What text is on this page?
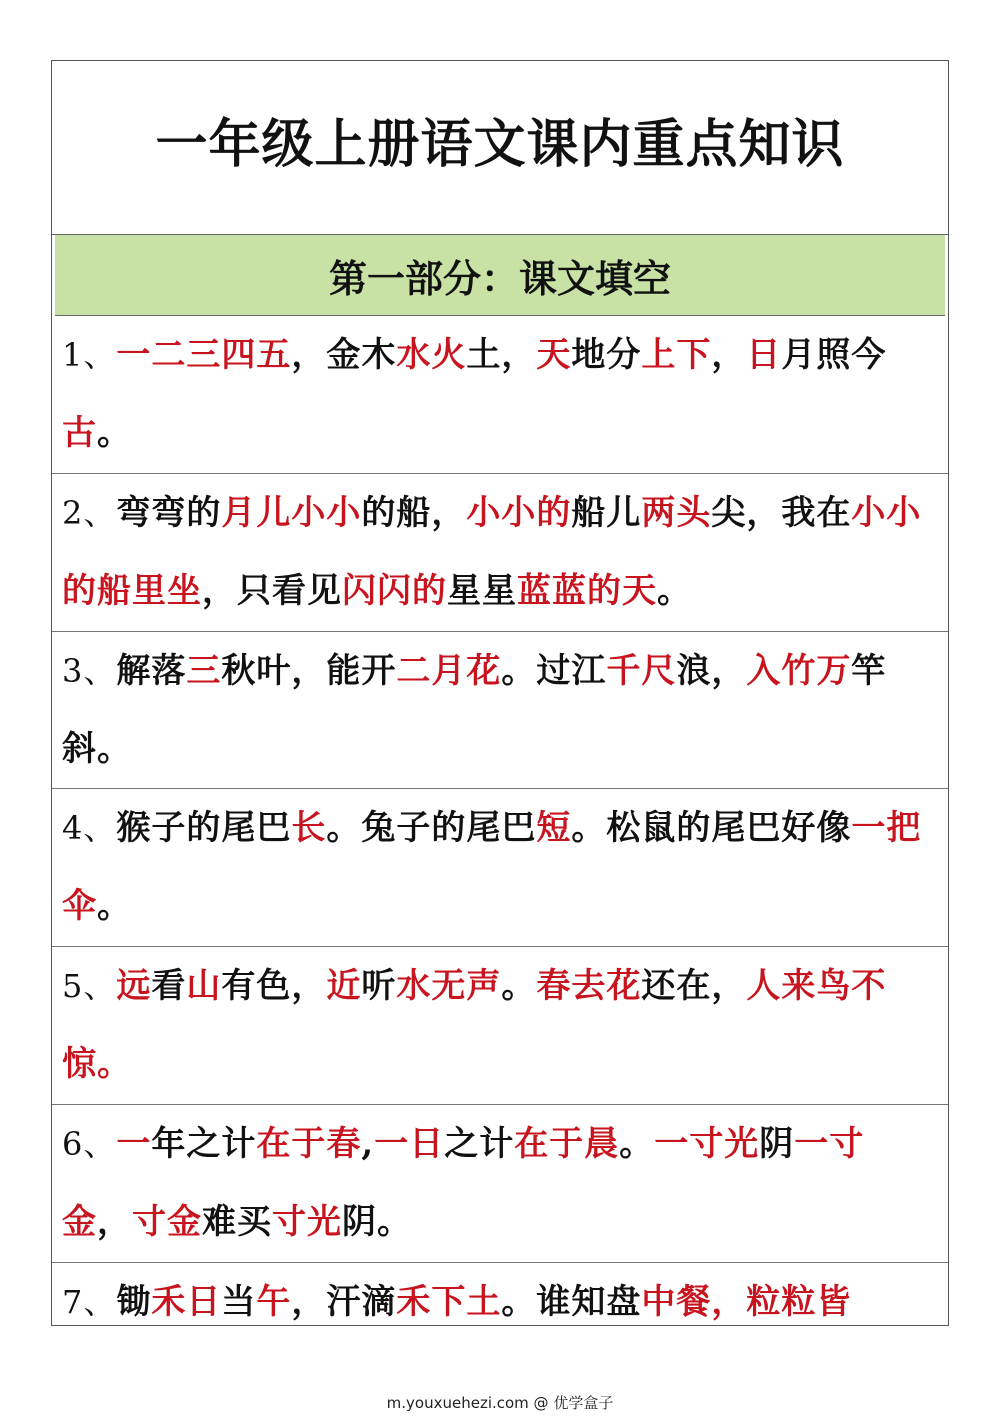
一年级上册语文课内重点知识
第一部分：课文填空

1、一二三四五，金木水火土，天地分上下，日月照今古。

2、弯弯的月儿小小的船，小小的船儿两头尖，我在小小的船里坐，只看见闪闪的星星蓝蓝的天。

3、解落三秋叶，能开二月花。过江千尺浪，入竹万竿斜。

4、猴子的尾巴长。兔子的尾巴短。松鼠的尾巴好像一把伞。

5、远看山有色，近听水无声。春去花还在，人来鸟不惊。

6、一年之计在于春,一日之计在于晨。一寸光阴一寸金，寸金难买寸光阴。

7、锄禾日当午，汗滴禾下土。谁知盘中餐，粒粒皆

m.youxuehezi.com @ 优学盒子
